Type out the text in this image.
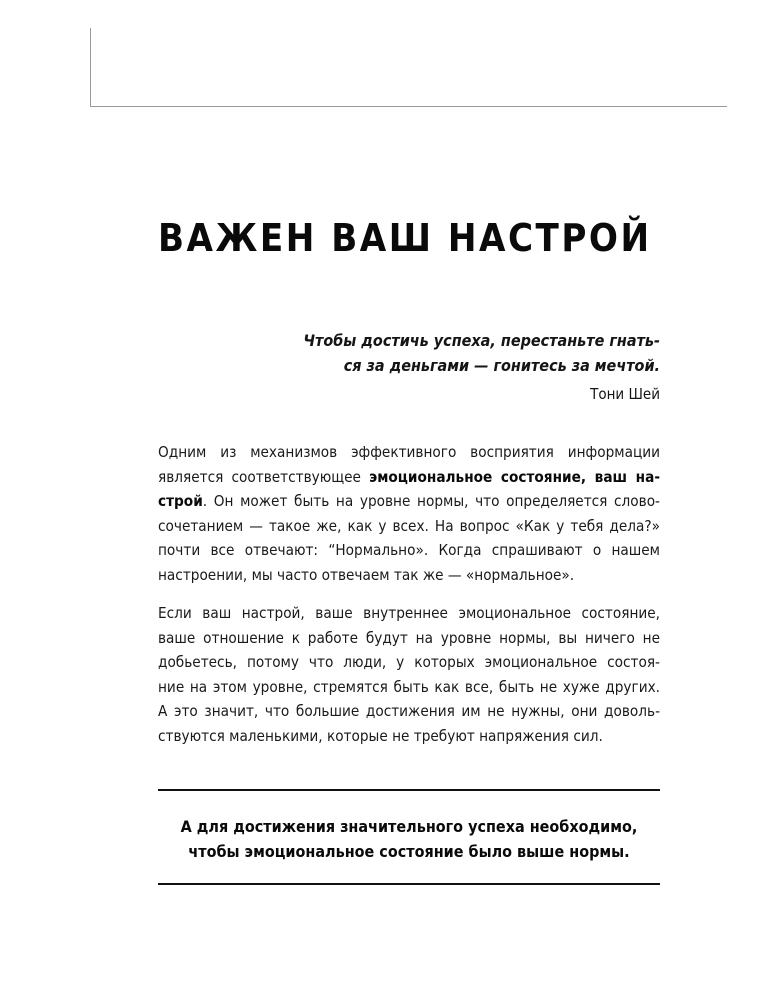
ВАЖЕН ВАШ НАСТРОЙ

Чтобы достичь успеха, перестаньте гнать-
ся за деньгами — гонитесь за мечтой.

Тони Шей

Одним из механизмов эффективного восприятия информации
является соответствующее эмоциональное состояние, ваш на-
строй. Он может быть на уровне нормы, что определяется слово-
сочетанием — такое же, как у всех. На вопрос «Как у тебя дела?»
почти все отвечают: “Нормально». Когда спрашивают о нашем
настроении, мы часто отвечаем так же — «нормальное».

Если ваш настрой, ваше внутреннее эмоциональное состояние,
ваше отношение к работе будут на уровне нормы, вы ничего не
добьетесь, потому что люди, у которых эмоциональное состоя-
ние на этом уровне, стремятся быть как все, быть не хуже других.
А это значит, что большие достижения им не нужны, они доволь-
ствуются маленькими, которые не требуют напряжения сил.

А для достижения значительного успеха необходимо,
чтобы эмоциональное состояние было выше нормы.
